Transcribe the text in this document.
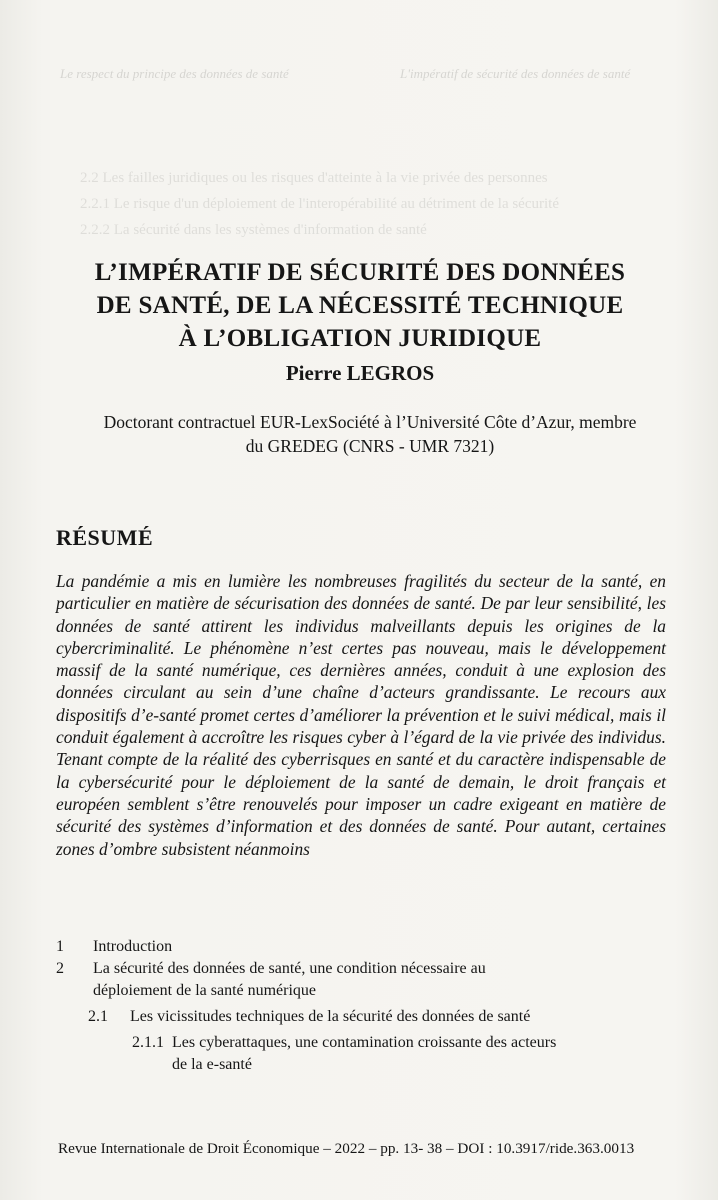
Le respect du principe des données de santé	L'impératif de sécurité des données de santé
2.2 Les failles juridiques ou les risques d'atteinte à la vie privée des personnes
2.2.1 Le risque d'un déploiement de l'interopérabilité au détriment de la sécurité
2.2.2 La sécurité dans les systèmes d'information de santé
L’IMPÉRATIF DE SÉCURITÉ DES DONNÉES
DE SANTÉ, DE LA NÉCESSITÉ TECHNIQUE
À L’OBLIGATION JURIDIQUE

Pierre LEGROS

Doctorant contractuel EUR-LexSociété à l’Université Côte d’Azur, membre du GREDEG (CNRS - UMR 7321)

RÉSUMÉ

La pandémie a mis en lumière les nombreuses fragilités du secteur de la santé, en particulier en matière de sécurisation des données de santé. De par leur sensibilité, les données de santé attirent les individus malveillants depuis les origines de la cybercriminalité. Le phénomène n’est certes pas nouveau, mais le développement massif de la santé numérique, ces dernières années, conduit à une explosion des données circulant au sein d’une chaîne d’acteurs grandissante. Le recours aux dispositifs d’e-santé promet certes d’améliorer la prévention et le suivi médical, mais il conduit également à accroître les risques cyber à l’égard de la vie privée des individus. Tenant compte de la réalité des cyberrisques en santé et du caractère indispensable de la cybersécurité pour le déploiement de la santé de demain, le droit français et européen semblent s’être renouvelés pour imposer un cadre exigeant en matière de sécurité des systèmes d’information et des données de santé. Pour autant, certaines zones d’ombre subsistent néanmoins

1	Introduction
2	La sécurité des données de santé, une condition nécessaire au déploiement de la santé numérique
2.1	Les vicissitudes techniques de la sécurité des données de santé
2.1.1 Les cyberattaques, une contamination croissante des acteurs de la e-santé

Revue Internationale de Droit Économique – 2022 – pp. 13- 38 – DOI : 10.3917/ride.363.0013
